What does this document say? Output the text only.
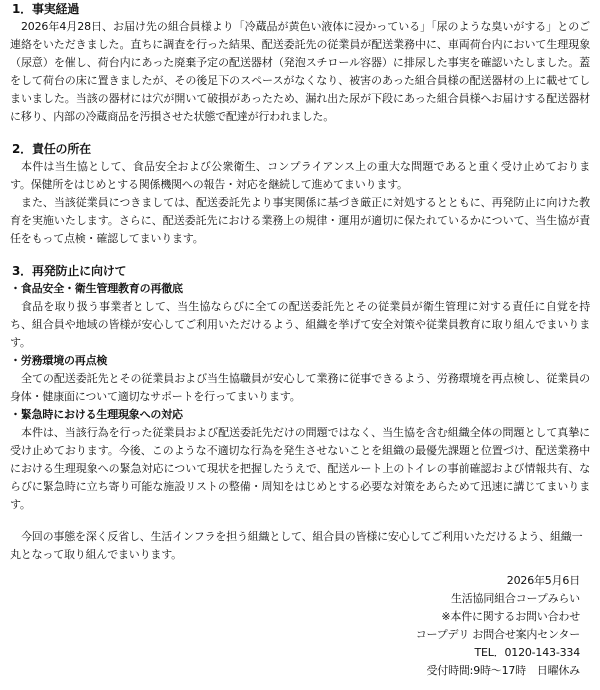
1．事実経過

2026年4月28日、お届け先の組合員様より「冷蔵品が黄色い液体に浸かっている」「尿のような臭いがする」とのご連絡をいただきました。直ちに調査を行った結果、配送委託先の従業員が配送業務中に、車両荷台内において生理現象（尿意）を催し、荷台内にあった廃棄予定の配送器材（発泡スチロール容器）に排尿した事実を確認いたしました。蓋をして荷台の床に置きましたが、その後足下のスペースがなくなり、被害のあった組合員様の配送器材の上に載せてしまいました。当該の器材には穴が開いて破損があったため、漏れ出た尿が下段にあった組合員様へお届けする配送器材に移り、内部の冷蔵商品を汚損させた状態で配達が行われました。

2．責任の所在

本件は当生協として、食品安全および公衆衛生、コンプライアンス上の重大な問題であると重く受け止めております。保健所をはじめとする関係機関への報告・対応を継続して進めてまいります。

また、当該従業員につきましては、配送委託先より事実関係に基づき厳正に対処するとともに、再発防止に向けた教育を実施いたします。さらに、配送委託先における業務上の規律・運用が適切に保たれているかについて、当生協が責任をもって点検・確認してまいります。

3．再発防止に向けて
・食品安全・衛生管理教育の再徹底

食品を取り扱う事業者として、当生協ならびに全ての配送委託先とその従業員が衛生管理に対する責任に自覚を持ち、組合員や地域の皆様が安心してご利用いただけるよう、組織を挙げて安全対策や従業員教育に取り組んでまいります。

・労務環境の再点検

全ての配送委託先とその従業員および当生協職員が安心して業務に従事できるよう、労務環境を再点検し、従業員の身体・健康面について適切なサポートを行ってまいります。

・緊急時における生理現象への対応

本件は、当該行為を行った従業員および配送委託先だけの問題ではなく、当生協を含む組織全体の問題として真摯に受け止めております。今後、このような不適切な行為を発生させないことを組織の最優先課題と位置づけ、配送業務中における生理現象への緊急対応について現状を把握したうえで、配送ルート上のトイレの事前確認および情報共有、ならびに緊急時に立ち寄り可能な施設リストの整備・周知をはじめとする必要な対策をあらためて迅速に講じてまいります。

今回の事態を深く反省し、生活インフラを担う組織として、組合員の皆様に安心してご利用いただけるよう、組織一丸となって取り組んでまいります。

2026年5月6日
生活協同組合コープみらい
※本件に関するお問い合わせ
コープデリ お問合せ案内センター
TEL．0120-143-334
受付時間:9時〜17時　日曜休み
